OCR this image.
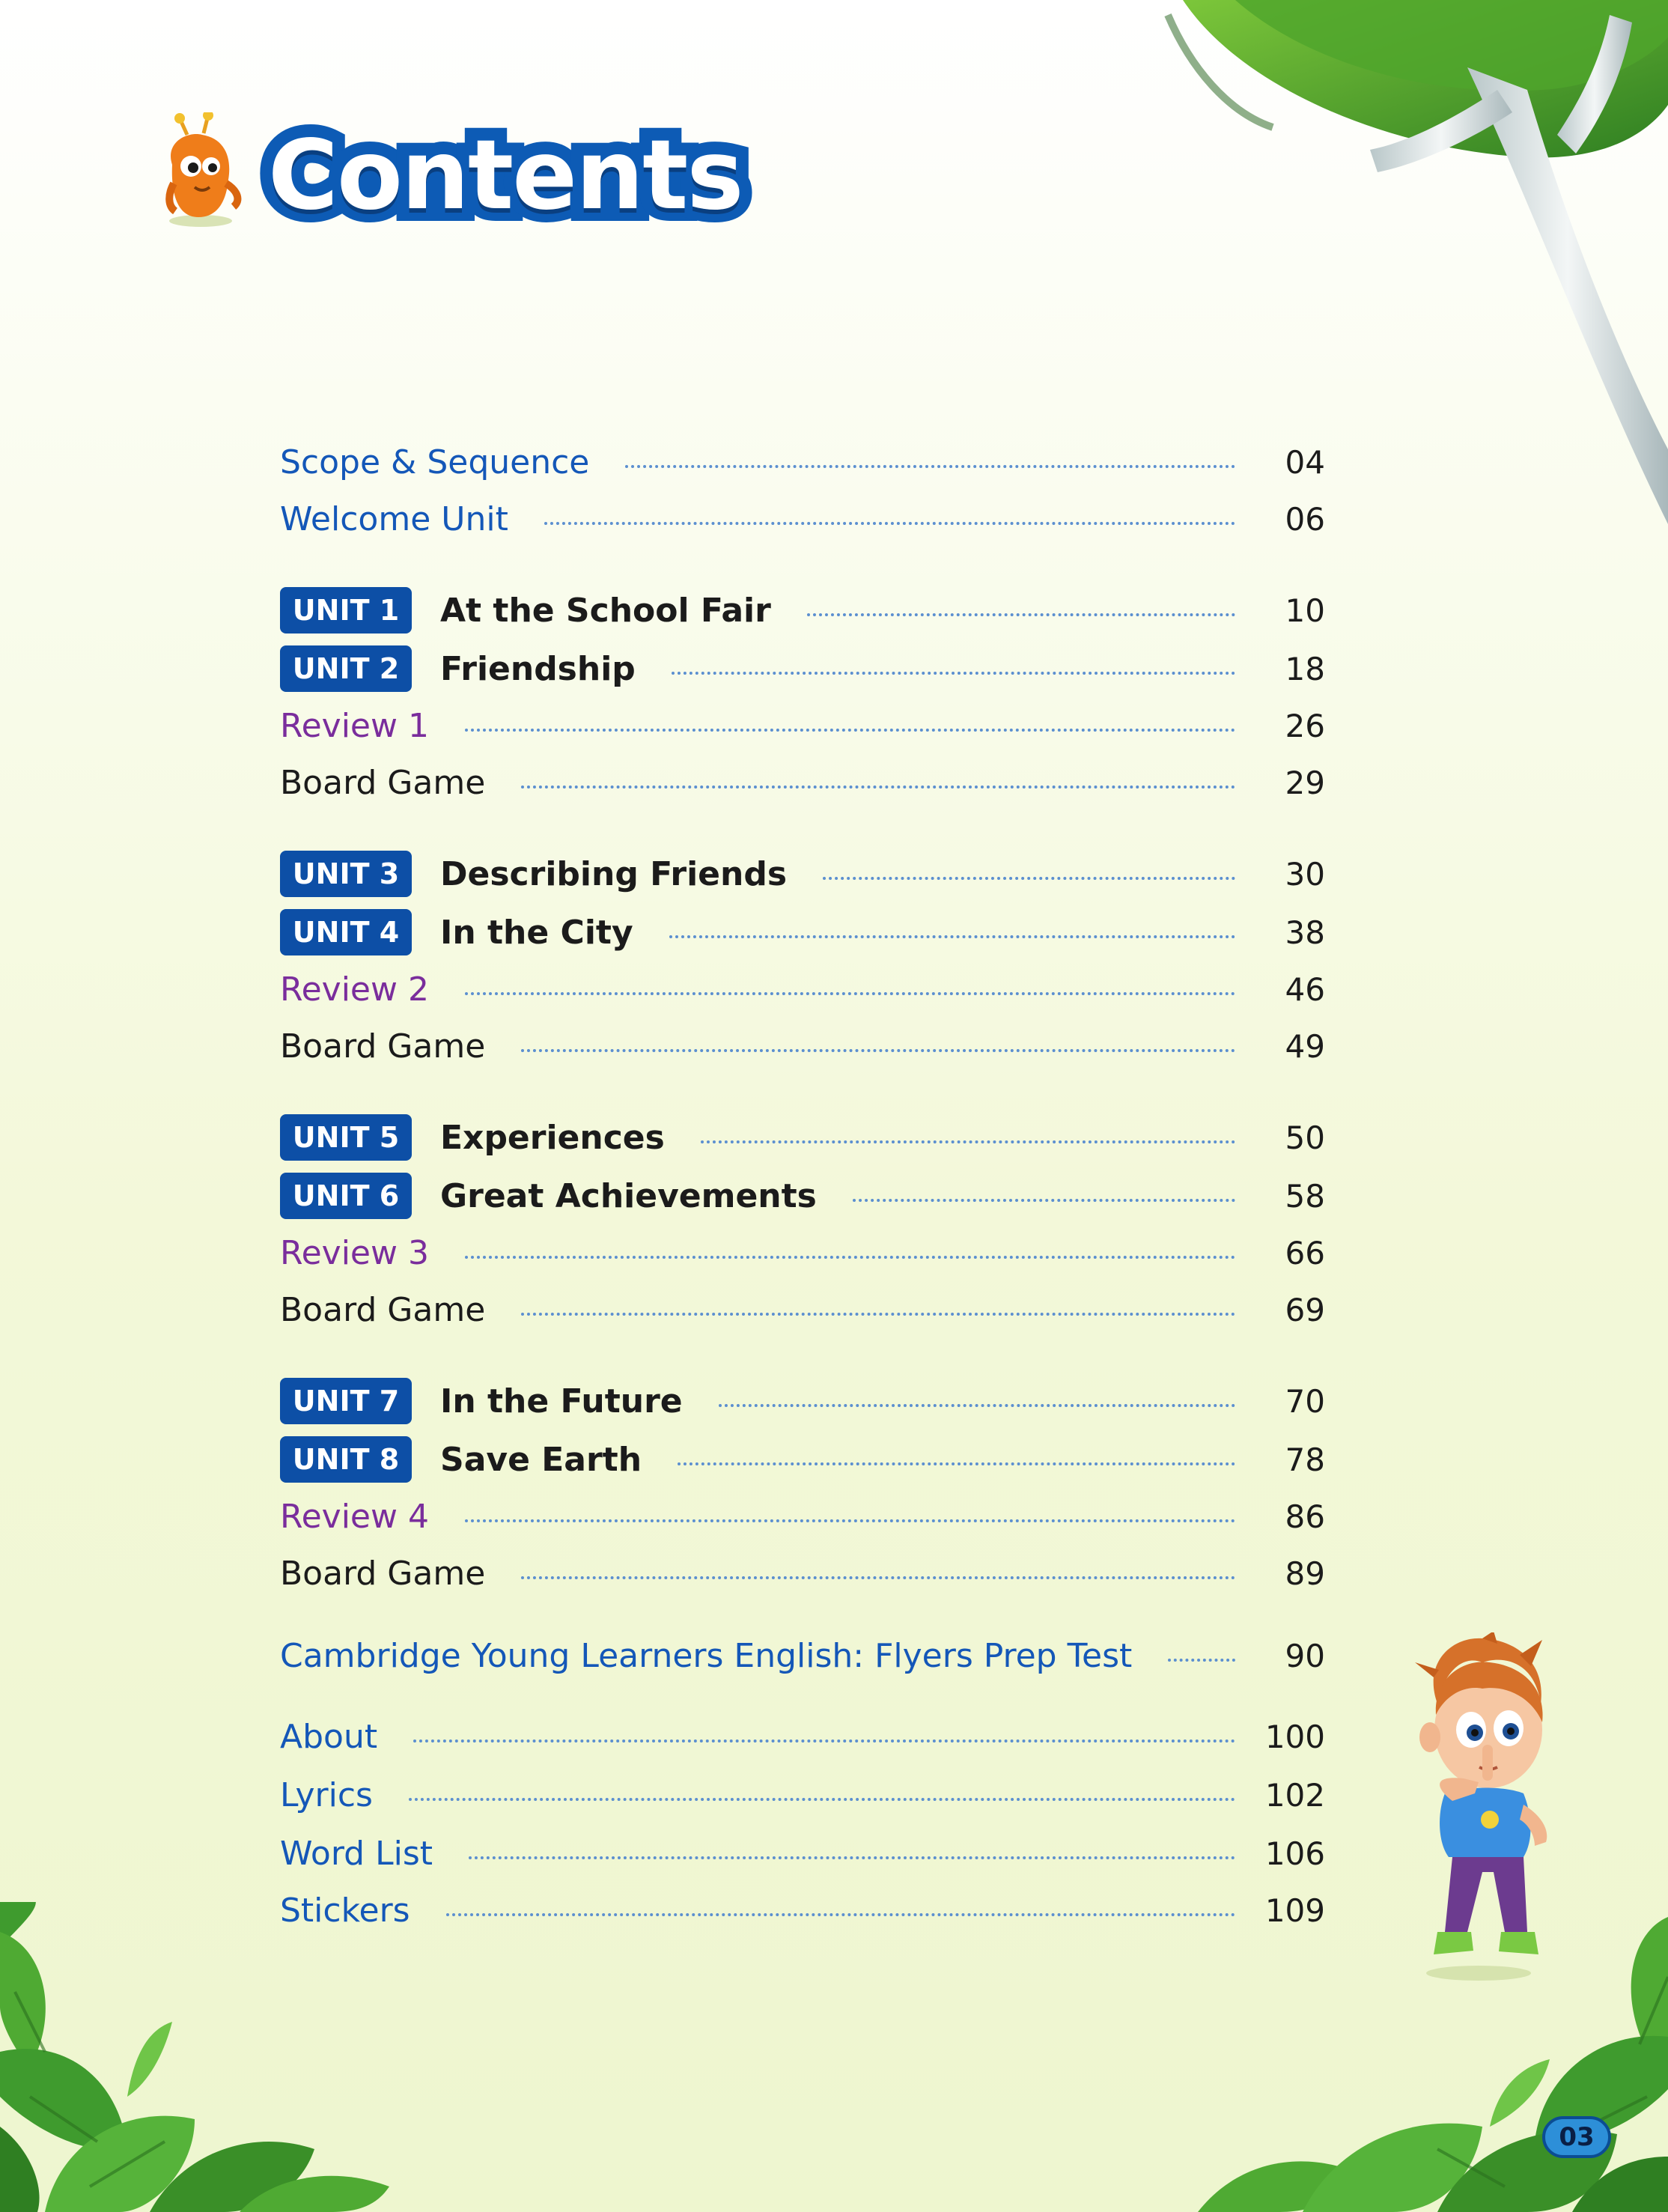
Contents
Scope & Sequence	04
Welcome Unit	06
UNIT 1	At the School Fair	10
UNIT 2	Friendship	18
Review 1	26
Board Game	29
UNIT 3	Describing Friends	30
UNIT 4	In the City	38
Review 2	46
Board Game	49
UNIT 5	Experiences	50
UNIT 6	Great Achievements	58
Review 3	66
Board Game	69
UNIT 7	In the Future	70
UNIT 8	Save Earth	78
Review 4	86
Board Game	89
Cambridge Young Learners English: Flyers Prep Test	90
About	100
Lyrics	102
Word List	106
Stickers	109
03
